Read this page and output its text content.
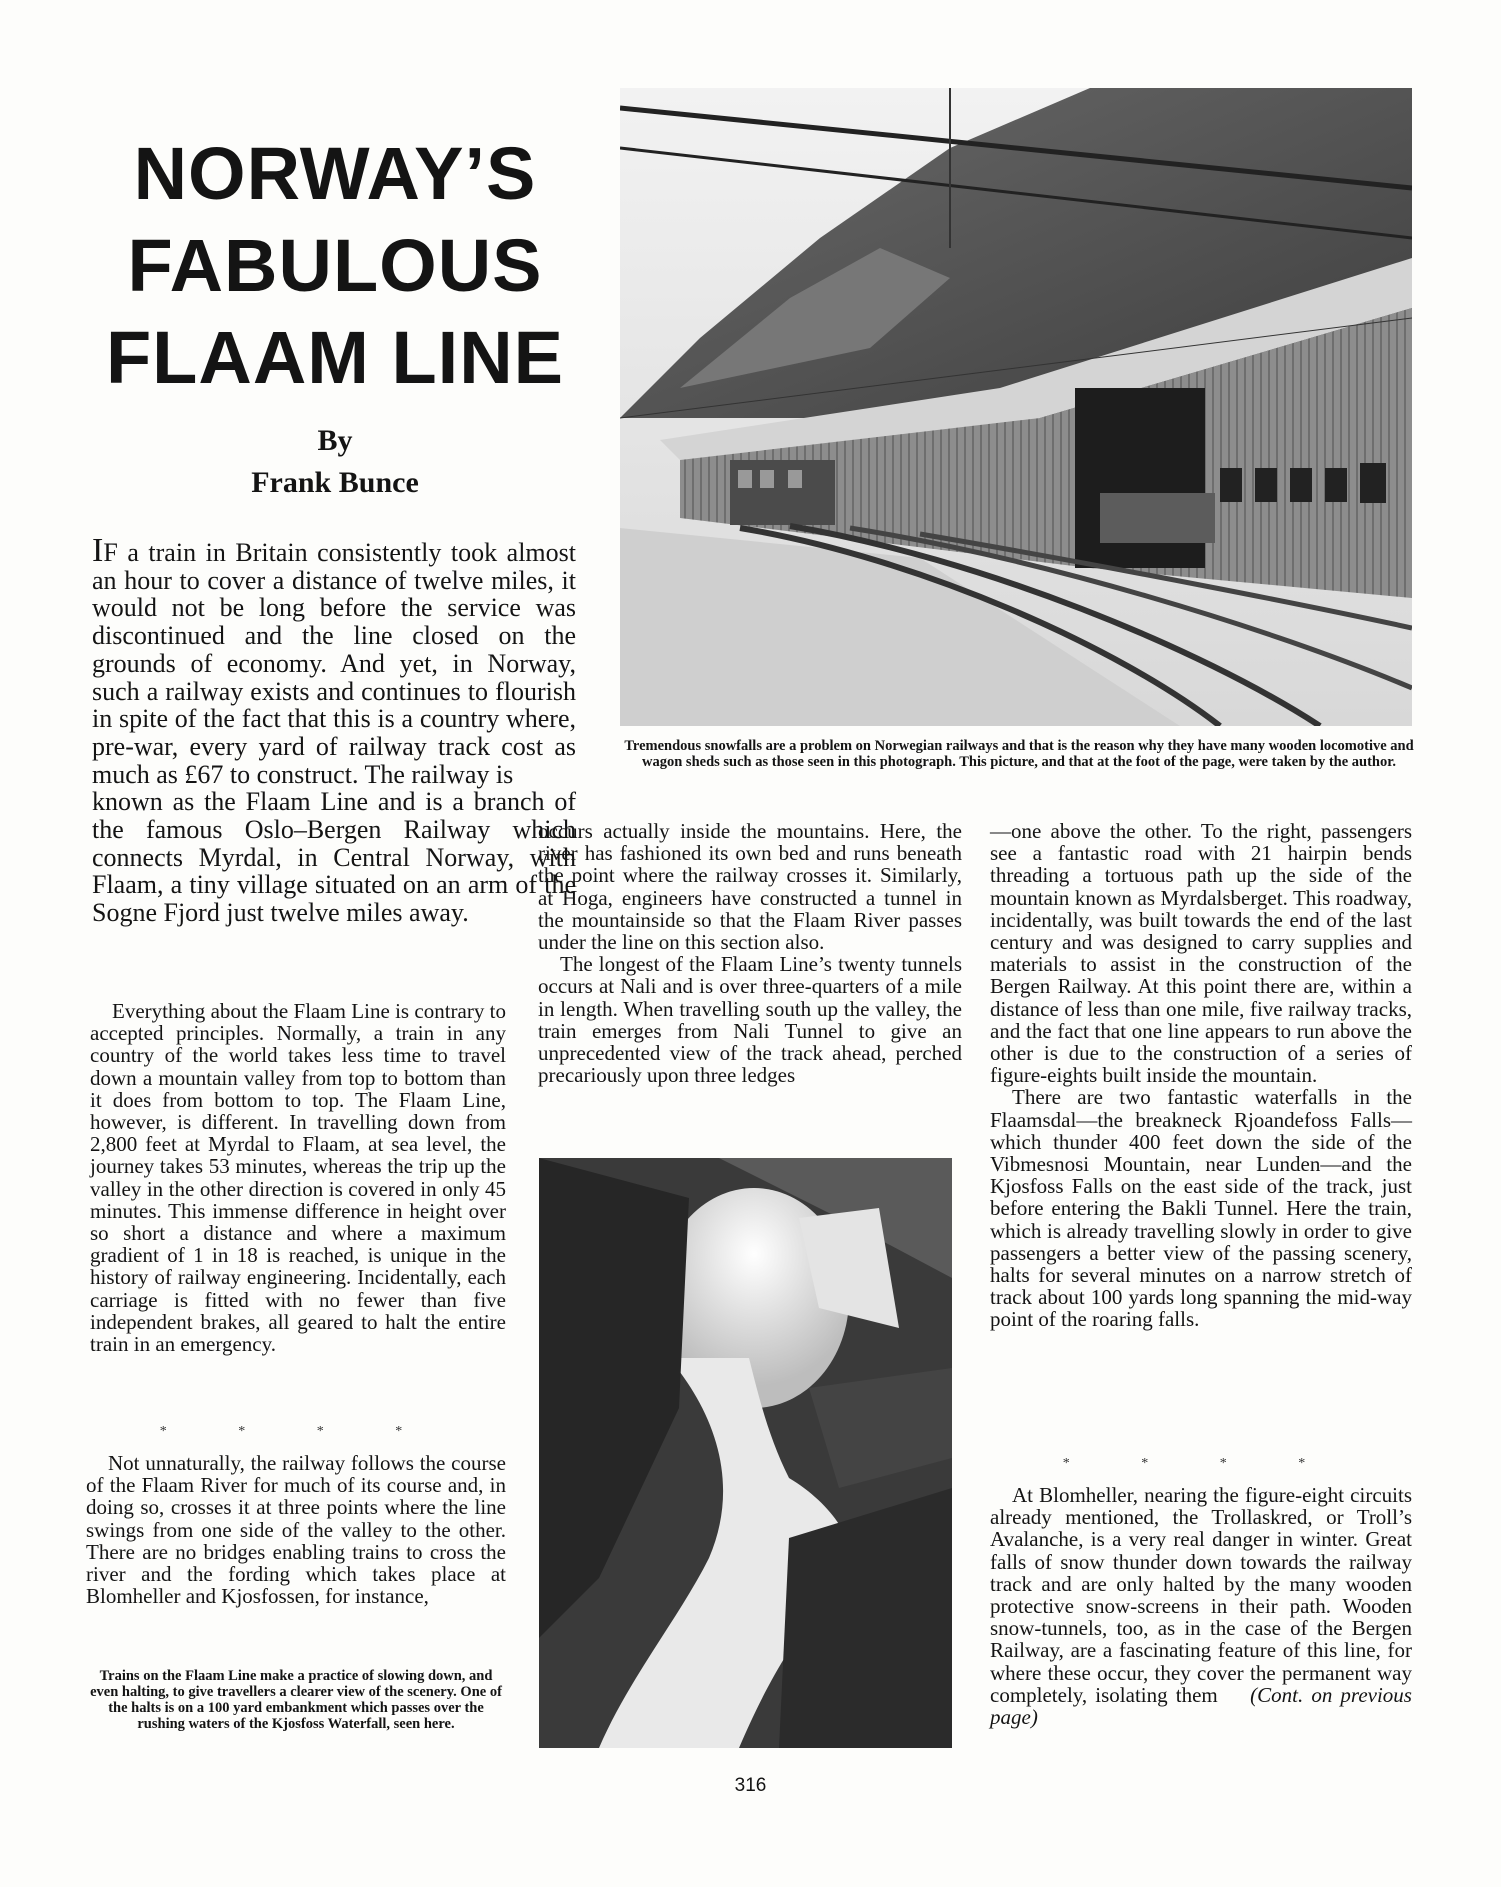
NORWAY’S
FABULOUS
FLAAM LINE
By
Frank Bunce
IF a train in Britain consistently took almost an hour to cover a distance of twelve miles, it would not be long before the service was discontinued and the line closed on the grounds of economy. And yet, in Norway, such a railway exists and continues to flourish in spite of the fact that this is a country where, pre-war, every yard of railway track cost as much as £67 to construct. The railway is
known as the Flaam Line and is a branch of the famous Oslo–Bergen Railway which connects Myrdal, in Central Norway, with Flaam, a tiny village situated on an arm of the Sogne Fjord just twelve miles away.

Everything about the Flaam Line is contrary to accepted principles. Normally, a train in any country of the world takes less time to travel down a mountain valley from top to bottom than it does from bottom to top. The Flaam Line, however, is different. In travelling down from 2,800 feet at Myrdal to Flaam, at sea level, the journey takes 53 minutes, whereas the trip up the valley in the other direction is covered in only 45 minutes. This immense difference in height over so short a distance and where a maximum gradient of 1 in 18 is reached, is unique in the history of railway engineering. Incidentally, each carriage is fitted with no fewer than five independent brakes, all geared to halt the entire train in an emergency.

* * * *

Not unnaturally, the railway follows the course of the Flaam River for much of its course and, in doing so, crosses it at three points where the line swings from one side of the valley to the other. There are no bridges enabling trains to cross the river and the fording which takes place at Blomheller and Kjosfossen, for instance,

occurs actually inside the mountains. Here, the river has fashioned its own bed and runs beneath the point where the railway crosses it. Similarly, at Hoga, engineers have constructed a tunnel in the mountainside so that the Flaam River passes under the line on this section also.

The longest of the Flaam Line’s twenty tunnels occurs at Nali and is over three-quarters of a mile in length. When travelling south up the valley, the train emerges from Nali Tunnel to give an unprecedented view of the track ahead, perched precariously upon three ledges

—one above the other. To the right, passengers see a fantastic road with 21 hairpin bends threading a tortuous path up the side of the mountain known as Myrdalsberget. This roadway, incidentally, was built towards the end of the last century and was designed to carry supplies and materials to assist in the construction of the Bergen Railway. At this point there are, within a distance of less than one mile, five railway tracks, and the fact that one line appears to run above the other is due to the construction of a series of figure-eights built inside the mountain.

There are two fantastic waterfalls in the Flaamsdal—the breakneck Rjoandefoss Falls—which thunder 400 feet down the side of the Vibmesnosi Mountain, near Lunden—and the Kjosfoss Falls on the east side of the track, just before entering the Bakli Tunnel. Here the train, which is already travelling slowly in order to give passengers a better view of the passing scenery, halts for several minutes on a narrow stretch of track about 100 yards long spanning the mid-way point of the roaring falls.

* * * *

At Blomheller, nearing the figure-eight circuits already mentioned, the Trollaskred, or Troll’s Avalanche, is a very real danger in winter. Great falls of snow thunder down towards the railway track and are only halted by the many wooden protective snow-screens in their path. Wooden snow-tunnels, too, as in the case of the Bergen Railway, are a fascinating feature of this line, for where these occur, they cover the permanent way completely, isolating them (Cont. on previous page)

Tremendous snowfalls are a problem on Norwegian railways and that is the reason why they have many wooden locomotive and wagon sheds such as those seen in this photograph. This picture, and that at the foot of the page, were taken by the author.
Trains on the Flaam Line make a practice of slowing down, and even halting, to give travellers a clearer view of the scenery. One of the halts is on a 100 yard embankment which passes over the rushing waters of the Kjosfoss Waterfall, seen here.
316
